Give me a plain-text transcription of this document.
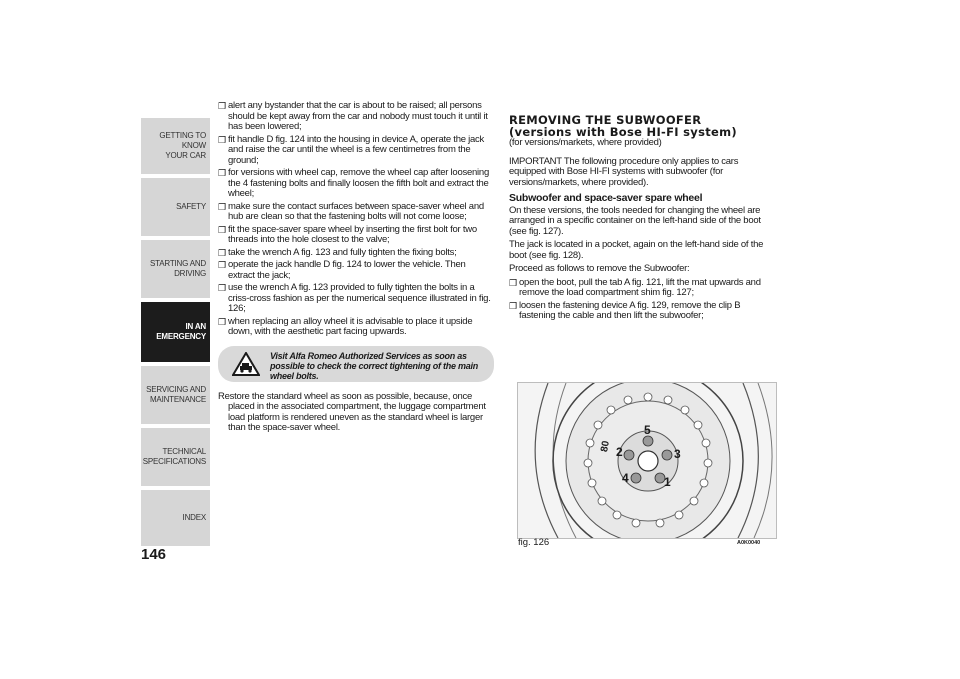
GETTING TO KNOW
YOUR CAR
SAFETY
STARTING AND
DRIVING
IN AN
EMERGENCY
SERVICING AND
MAINTENANCE
TECHNICAL
SPECIFICATIONS
INDEX
146
❒ alert any bystander that the car is about to be raised; all persons should be kept away from the car and nobody must touch it until it has been lowered;
❒ fit handle D fig. 124 into the housing in device A, operate the jack and raise the car until the wheel is a few centimetres from the ground;
❒ for versions with wheel cap, remove the wheel cap after loosening the 4 fastening bolts and finally loosen the fifth bolt and extract the wheel;
❒ make sure the contact surfaces between space-saver wheel and hub are clean so that the fastening bolts will not come loose;
❒ fit the space-saver spare wheel by inserting the first bolt for two threads into the hole closest to the valve;
❒ take the wrench A fig. 123 and fully tighten the fixing bolts;
❒ operate the jack handle D fig. 124 to lower the vehicle. Then extract the jack;
❒ use the wrench A fig. 123 provided to fully tighten the bolts in a criss-cross fashion as per the numerical sequence illustrated in fig. 126;
❒ when replacing an alloy wheel it is advisable to place it upside down, with the aesthetic part facing upwards.
Visit Alfa Romeo Authorized Services as soon as possible to check the correct tightening of the main wheel bolts.
Restore the standard wheel as soon as possible, because, once placed in the associated compartment, the luggage compartment load platform is rendered uneven as the standard wheel is larger than the space-saver wheel.
REMOVING THE SUBWOOFER
(versions with Bose HI-FI system)
(for versions/markets, where provided)
IMPORTANT The following procedure only applies to cars equipped with Bose HI-FI systems with subwoofer (for versions/markets, where provided).
Subwoofer and space-saver spare wheel
On these versions, the tools needed for changing the wheel are arranged in a specific container on the left-hand side of the boot (see fig. 127).
The jack is located in a pocket, again on the left-hand side of the boot (see fig. 128).
Proceed as follows to remove the Subwoofer:
❒ open the boot, pull the tab A fig. 121, lift the mat upwards and remove the load compartment shim fig. 127;
❒ loosen the fastening device A fig. 129, remove the clip B fastening the cable and then lift the subwoofer;
5
3
1
4
2
80
fig. 126	A0K0040
